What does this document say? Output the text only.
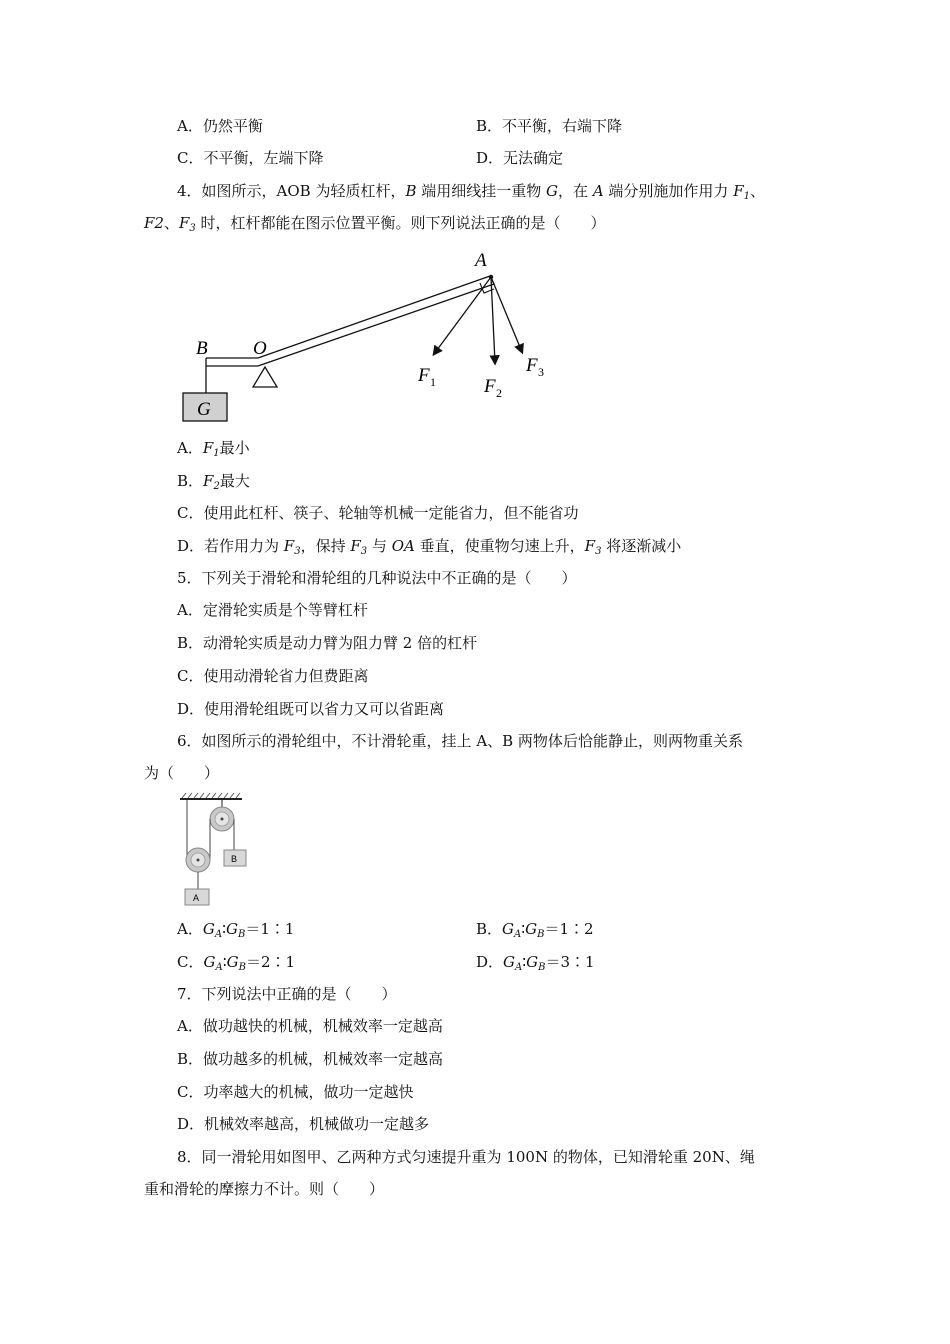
A．仍然平衡	B．不平衡，右端下降
C．不平衡，左端下降	D．无法确定
4．如图所示，AOB 为轻质杠杆，B 端用细线挂一重物 G，在 A 端分别施加作用力 $F_1$、
F2、$F_3$ 时，杠杆都能在图示位置平衡。则下列说法正确的是（　　）
A
B O
G
F 1	F 2
F 3
A．$F_1$最小
B．$F_2$最大
C．使用此杠杆、筷子、轮轴等机械一定能省力，但不能省功
D．若作用力为 $F_3$，保持 $F_3$ 与 OA 垂直，使重物匀速上升，$F_3$ 将逐渐减小
5．下列关于滑轮和滑轮组的几种说法中不正确的是（　　）
A．定滑轮实质是个等臂杠杆
B．动滑轮实质是动力臂为阻力臂 2 倍的杠杆
C．使用动滑轮省力但费距离
D．使用滑轮组既可以省力又可以省距离
6．如图所示的滑轮组中，不计滑轮重，挂上 A、B 两物体后恰能静止，则两物重关系
为（　　）
B
A
A．$G_A∶G_B=1∶1$	B．$G_A∶G_B=1∶2$
C．$G_A∶G_B=2∶1$	D．$G_A∶G_B=3∶1$
7．下列说法中正确的是（　　）
A．做功越快的机械，机械效率一定越高
B．做功越多的机械，机械效率一定越高
C．功率越大的机械，做功一定越快
D．机械效率越高，机械做功一定越多
8．同一滑轮用如图甲、乙两种方式匀速提升重为 100N 的物体，已知滑轮重 20N、绳
重和滑轮的摩擦力不计。则（　　）
